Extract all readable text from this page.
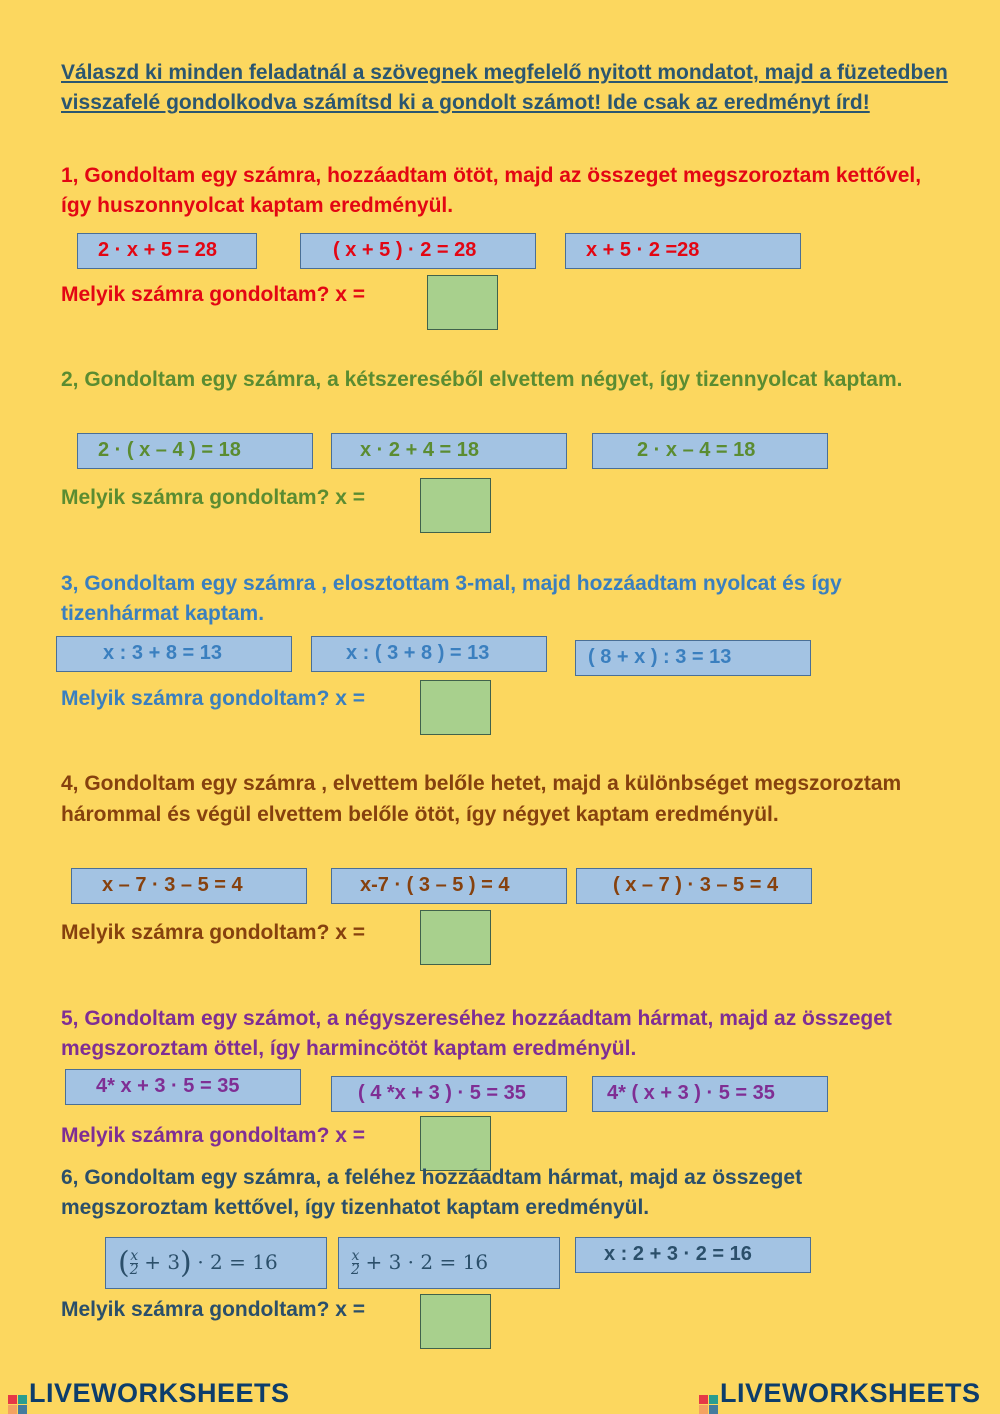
Válaszd ki minden feladatnál a szövegnek megfelelő nyitott mondatot, majd a füzetedben visszafelé gondolkodva számítsd ki a gondolt számot! Ide csak az eredményt írd!
1, Gondoltam egy számra, hozzáadtam ötöt, majd az összeget megszoroztam kettővel, így huszonnyolcat kaptam eredményül.
2 · x + 5 = 28	( x + 5 ) · 2 = 28	x + 5 · 2 =28
Melyik számra gondoltam? x =
2, Gondoltam egy számra, a kétszereséből elvettem négyet, így tizennyolcat kaptam.
2 · ( x – 4 ) = 18	x · 2 + 4 = 18	2 · x – 4 = 18
Melyik számra gondoltam? x =
3, Gondoltam egy számra , elosztottam 3-mal, majd hozzáadtam nyolcat és így tizenhármat kaptam.
x : 3 + 8 = 13	x : ( 3 + 8 ) = 13	( 8 + x ) : 3 = 13
Melyik számra gondoltam? x =
4, Gondoltam egy számra , elvettem belőle hetet, majd a különbséget megszoroztam hárommal és végül elvettem belőle ötöt, így négyet kaptam eredményül.
x – 7 · 3 – 5 = 4	x-7 · ( 3 – 5 ) = 4	( x – 7 ) · 3 – 5 = 4
Melyik számra gondoltam? x =
5, Gondoltam egy számot, a négyszereséhez hozzáadtam hármat, majd az összeget megszoroztam öttel, így harmincötöt kaptam eredményül.
4* x + 3 · 5 = 35	( 4 *x + 3 ) · 5 = 35	4* ( x + 3 ) · 5 = 35
Melyik számra gondoltam? x =
6, Gondoltam egy számra, a feléhez hozzáadtam hármat, majd az összeget megszoroztam kettővel, így tizenhatot kaptam eredményül.
( $\frac{x}{2} + 3) \cdot 2 = 16$	$\frac{x}{2} + 3 \cdot 2 = 16$	x : 2 + 3 · 2 = 16
Melyik számra gondoltam? x =
LIVEWORKSHEETS	LIVEWORKSHEETS
